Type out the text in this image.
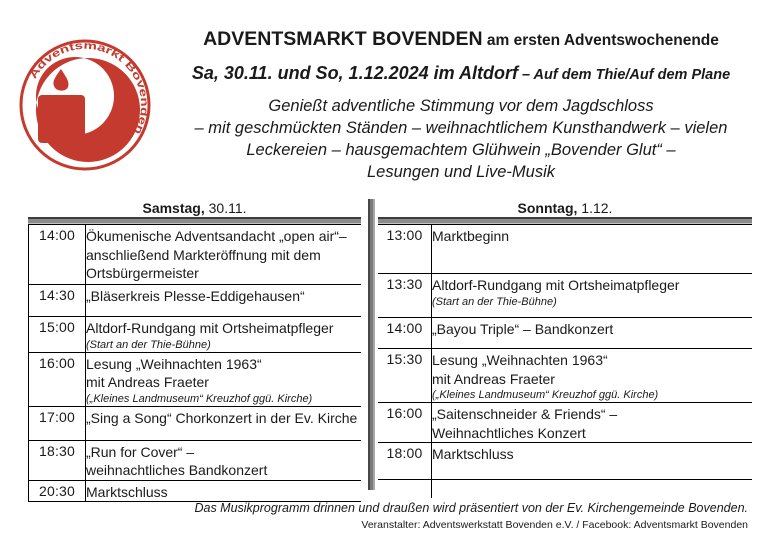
Adventsmarkt Bovenden
ADVENTSMARKT BOVENDEN am ersten Adventswochenende
Sa, 30.11. und So, 1.12.2024 im Altdorf – Auf dem Thie/Auf dem Plane
Genießt adventliche Stimmung vor dem Jagdschloss
– mit geschmückten Ständen – weihnachtlichem Kunsthandwerk – vielen
Leckereien – hausgemachtem Glühwein „Bovender Glut“ –
Lesungen und Live-Musik
Samstag, 30.11.
14:00	Ökumenische Adventsandacht „open air“–
anschließend Markteröffnung mit dem
Ortsbürgermeister

14:30	„Bläserkreis Plesse-Eddigehausen“

15:00	Altdorf-Rundgang mit Ortsheimatpfleger
(Start an der Thie-Bühne)

16:00	Lesung „Weihnachten 1963“
mit Andreas Fraeter
(„Kleines Landmuseum“ Kreuzhof ggü. Kirche)

17:00	„Sing a Song“ Chorkonzert in der Ev. Kirche

18:30	„Run for Cover“ –
weihnachtliches Bandkonzert

20:30	Marktschluss
Sonntag, 1.12.
13:00	Marktbeginn

13:30	Altdorf-Rundgang mit Ortsheimatpfleger
(Start an der Thie-Bühne)

14:00	„Bayou Triple“ – Bandkonzert

15:30	Lesung „Weihnachten 1963“
mit Andreas Fraeter
(„Kleines Landmuseum“ Kreuzhof ggü. Kirche)

16:00	„Saitenschneider & Friends“ –
Weihnachtliches Konzert

18:00	Marktschluss

Das Musikprogramm drinnen und draußen wird präsentiert von der Ev. Kirchengemeinde Bovenden.
Veranstalter: Adventswerkstatt Bovenden e.V. / Facebook: Adventsmarkt Bovenden
